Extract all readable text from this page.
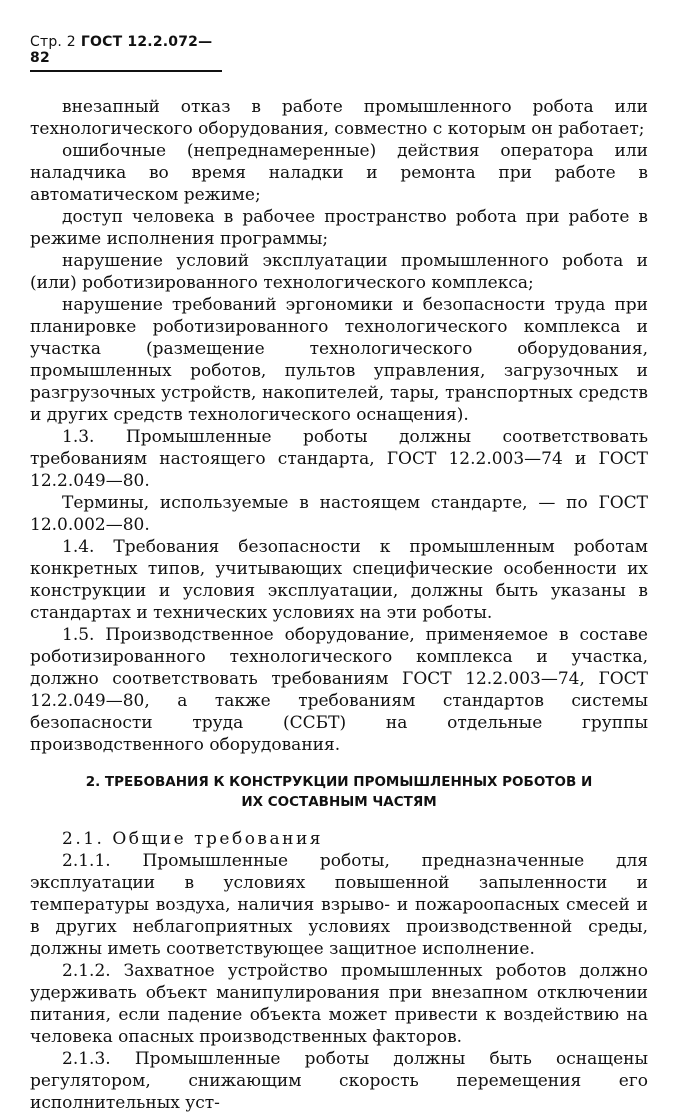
Стр. 2 ГОСТ 12.2.072—82

внезапный отказ в работе промышленного робота или технологического оборудования, совместно с которым он работает;

ошибочные (непреднамеренные) действия оператора или наладчика во время наладки и ремонта при работе в автоматическом режиме;

доступ человека в рабочее пространство робота при работе в режиме исполнения программы;

нарушение условий эксплуатации промышленного робота и (или) роботизированного технологического комплекса;

нарушение требований эргономики и безопасности труда при планировке роботизированного технологического комплекса и участка (размещение технологического оборудования, промышленных роботов, пультов управления, загрузочных и разгрузочных устройств, накопителей, тары, транспортных средств и других средств технологического оснащения).

1.3. Промышленные роботы должны соответствовать требованиям настоящего стандарта, ГОСТ 12.2.003—74 и ГОСТ 12.2.049—80.

Термины, используемые в настоящем стандарте, — по ГОСТ 12.0.002—80.

1.4. Требования безопасности к промышленным роботам конкретных типов, учитывающих специфические особенности их конструкции и условия эксплуатации, должны быть указаны в стандартах и технических условиях на эти роботы.

1.5. Производственное оборудование, применяемое в составе роботизированного технологического комплекса и участка, должно соответствовать требованиям ГОСТ 12.2.003—74, ГОСТ 12.2.049—80, а также требованиям стандартов системы безопасности труда (ССБТ) на отдельные группы производственного оборудования.

2. ТРЕБОВАНИЯ К КОНСТРУКЦИИ ПРОМЫШЛЕННЫХ РОБОТОВ И
ИХ СОСТАВНЫМ ЧАСТЯМ

2.1. Общие требования

2.1.1. Промышленные роботы, предназначенные для эксплуатации в условиях повышенной запыленности и температуры воздуха, наличия взрыво- и пожароопасных смесей и в других неблагоприятных условиях производственной среды, должны иметь соответствующее защитное исполнение.

2.1.2. Захватное устройство промышленных роботов должно удерживать объект манипулирования при внезапном отключении питания, если падение объекта может привести к воздействию на человека опасных производственных факторов.

2.1.3. Промышленные роботы должны быть оснащены регулятором, снижающим скорость перемещения его исполнительных уст-
